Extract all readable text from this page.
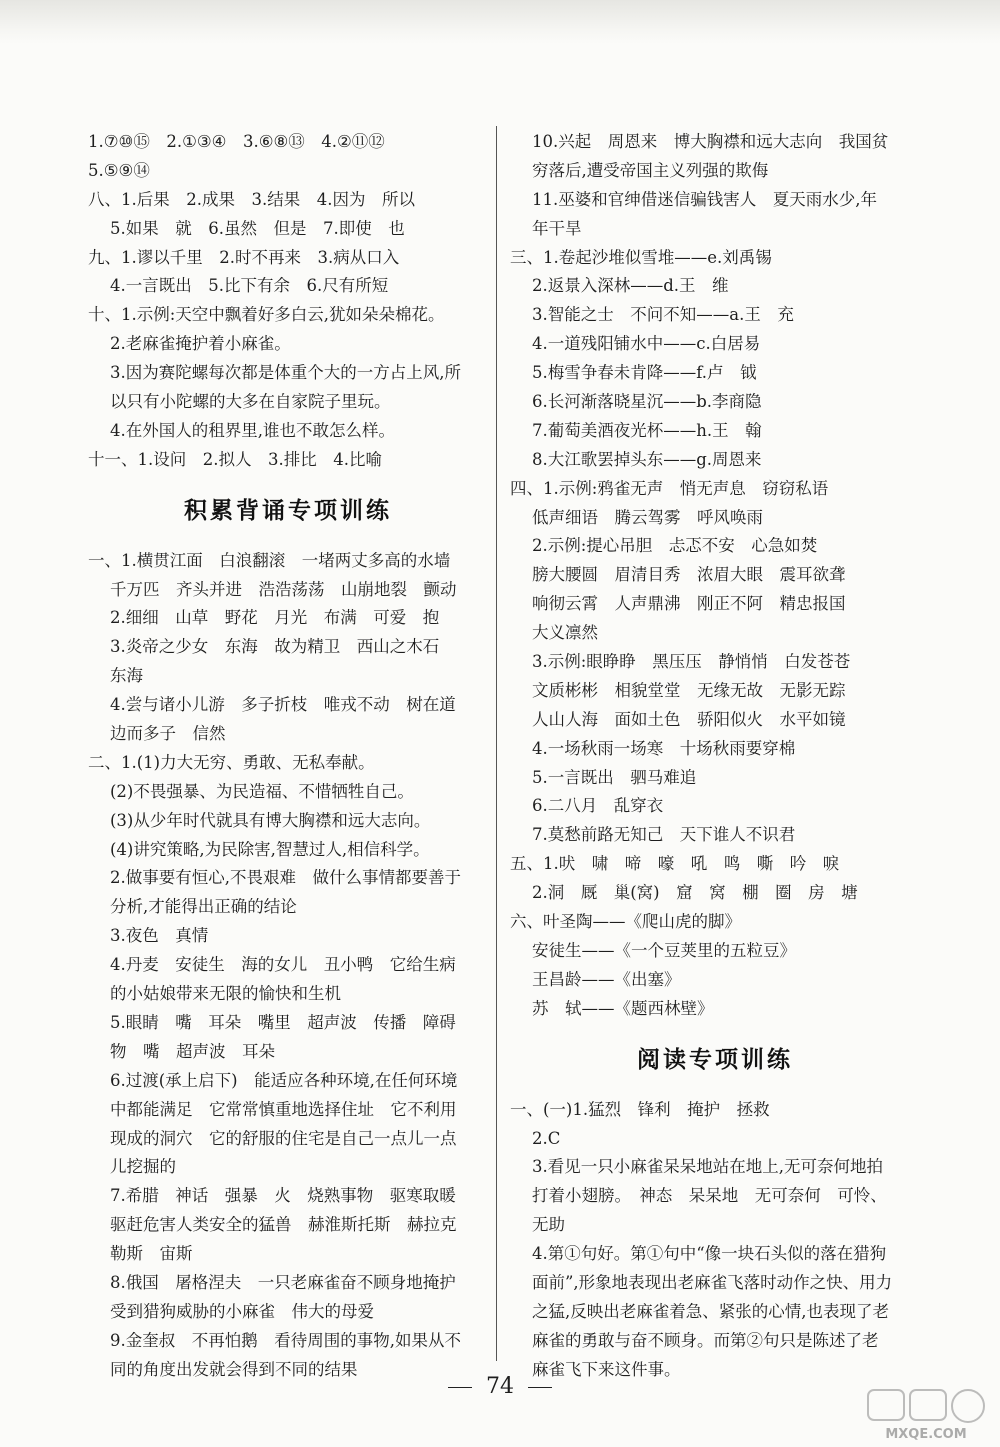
1.⑦⑩⑮　2.①③④　3.⑥⑧⑬　4.②⑪⑫
5.⑤⑨⑭
八、1.后果　2.成果　3.结果　4.因为　所以
5.如果　就　6.虽然　但是　7.即使　也
九、1.谬以千里　2.时不再来　3.病从口入
4.一言既出　5.比下有余　6.尺有所短
十、1.示例:天空中飘着好多白云,犹如朵朵棉花。
2.老麻雀掩护着小麻雀。
3.因为赛陀螺每次都是体重个大的一方占上风,所
以只有小陀螺的大多在自家院子里玩。
4.在外国人的租界里,谁也不敢怎么样。
十一、1.设问　2.拟人　3.排比　4.比喻
积累背诵专项训练
一、1.横贯江面　白浪翻滚　一堵两丈多高的水墙
千万匹　齐头并进　浩浩荡荡　山崩地裂　颤动
2.细细　山草　野花　月光　布满　可爱　抱
3.炎帝之少女　东海　故为精卫　西山之木石
东海
4.尝与诸小儿游　多子折枝　唯戎不动　树在道
边而多子　信然
二、1.(1)力大无穷、勇敢、无私奉献。
(2)不畏强暴、为民造福、不惜牺牲自己。
(3)从少年时代就具有博大胸襟和远大志向。
(4)讲究策略,为民除害,智慧过人,相信科学。
2.做事要有恒心,不畏艰难　做什么事情都要善于
分析,才能得出正确的结论
3.夜色　真情
4.丹麦　安徒生　海的女儿　丑小鸭　它给生病
的小姑娘带来无限的愉快和生机
5.眼睛　嘴　耳朵　嘴里　超声波　传播　障碍
物　嘴　超声波　耳朵
6.过渡(承上启下)　能适应各种环境,在任何环境
中都能满足　它常常慎重地选择住址　它不利用
现成的洞穴　它的舒服的住宅是自己一点儿一点
儿挖掘的
7.希腊　神话　强暴　火　烧熟事物　驱寒取暖
驱赶危害人类安全的猛兽　赫淮斯托斯　赫拉克
勒斯　宙斯
8.俄国　屠格涅夫　一只老麻雀奋不顾身地掩护
受到猎狗威胁的小麻雀　伟大的母爱
9.金奎叔　不再怕鹅　看待周围的事物,如果从不
同的角度出发就会得到不同的结果
10.兴起　周恩来　博大胸襟和远大志向　我国贫
穷落后,遭受帝国主义列强的欺侮
11.巫婆和官绅借迷信骗钱害人　夏天雨水少,年
年干旱
三、1.卷起沙堆似雪堆——e.刘禹锡
2.返景入深林——d.王　维
3.智能之士　不问不知——a.王　充
4.一道残阳铺水中——c.白居易
5.梅雪争春未肯降——f.卢　钺
6.长河渐落晓星沉——b.李商隐
7.葡萄美酒夜光杯——h.王　翰
8.大江歌罢掉头东——g.周恩来
四、1.示例:鸦雀无声　悄无声息　窃窃私语
低声细语　腾云驾雾　呼风唤雨
2.示例:提心吊胆　忐忑不安　心急如焚
膀大腰圆　眉清目秀　浓眉大眼　震耳欲聋
响彻云霄　人声鼎沸　刚正不阿　精忠报国
大义凛然
3.示例:眼睁睁　黑压压　静悄悄　白发苍苍
文质彬彬　相貌堂堂　无缘无故　无影无踪
人山人海　面如土色　骄阳似火　水平如镜
4.一场秋雨一场寒　十场秋雨要穿棉
5.一言既出　驷马难追
6.二八月　乱穿衣
7.莫愁前路无知己　天下谁人不识君
五、1.吠　啸　啼　嚎　吼　鸣　嘶　吟　唳
2.洞　厩　巢(窝)　窟　窝　棚　圈　房　塘
六、叶圣陶——《爬山虎的脚》
安徒生——《一个豆荚里的五粒豆》
王昌龄——《出塞》
苏　轼——《题西林壁》
阅读专项训练
一、(一)1.猛烈　锋利　掩护　拯救
2.C
3.看见一只小麻雀呆呆地站在地上,无可奈何地拍
打着小翅膀。　神态　呆呆地　无可奈何　可怜、
无助
4.第①句好。第①句中“像一块石头似的落在猎狗
面前”,形象地表现出老麻雀飞落时动作之快、用力
之猛,反映出老麻雀着急、紧张的心情,也表现了老
麻雀的勇敢与奋不顾身。而第②句只是陈述了老
麻雀飞下来这件事。
74
MXQE.COM
